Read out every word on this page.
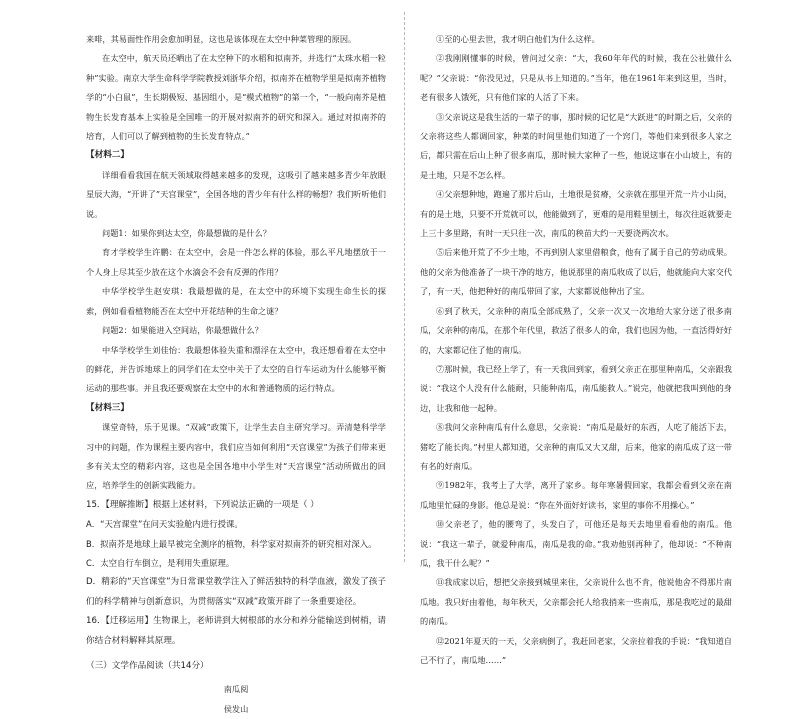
来啡，其易面性作用会愈加明显，这也是该体现在太空中种菜管理的原因。

在太空中，航天员还晒出了在太空种下的水稻和拟南芥，并选行“太珠水稻一粒种”实验。南京大学生命科学学院教授刘浙华介绍，拟南芥在植物学里是拟南芥植物学的“小白鼠”，生长期极短、基因组小，是“模式植物”的第一个，“一般向南芥是植物生长发育基本上实验是全国唯一的开展对拟南芥的研究和深入。通过对拟南芥的培育，人们可以了解到植物的生长发育特点。”

【材料二】

详细看看我国在航天领域取得越来越多的发现，这吸引了越来越多青少年放眼星辰大海，“开讲了”天宫课堂”，全国各地的青少年有什么样的畅想？我们听听他们说。

问题1：如果你到达太空，你最想做的是什么？

育才学校学生许鹏：在太空中，会是一件怎么样的体验，那么平凡地摆放于一个人身上尽其至少放在这个水滴会不会有反弹的作用？

中华学校学生赵安琪：我最想做的是，在太空中的环境下实现生命生长的探索，例如看看植物能否在太空中开花结种的生命之谜？

问题2：如果能进入空间站，你最想做什么？

中华学校学生刘佳怡：我最想体验失重和漂浮在太空中，我还想看着在太空中的鲜花，并告诉地球上的同学们在太空中关于了太空的自行车运动为什么能够平衡运动的那些事。并且我还要观察在太空中的水和普通物质的运行特点。

【材料三】

课堂奇特，乐于见课。“双减”政策下，让学生去自主研究学习。弄清楚科学学习中的问题，作为课程主要内容中，我们应当如何利用“天宫课堂”为孩子们带来更多有关太空的精彩内容，这也是全国各地中小学生对“天宫课堂”活动所做出的回应，培养学生的创新实践能力。

15．【理解推断】根据上述材料，下列说法正确的一项是（ ）

A．“天宫课堂”在问天实验舱内进行授课。

B．拟南芥是地球上最早被完全测序的植物，科学家对拟南芥的研究相对深入。

C．太空自行车倒立，是利用失重原理。

D．精彩的“天宫课堂”为日常课堂教学注入了鲜活独特的科学血液，激发了孩子们的科学精神与创新意识，为贯彻落实“双减”政策开辟了一条重要途径。

16．【迁移运用】生物课上，老师讲到大树根部的水分和养分能输送到树梢，请你结合材料解释其原理。

（三）文学作品阅读（共14分）

南瓜阅

侯发山

①至的心里去世，我才明白他们为什么这样。

②我刚刚懂事的时候，曾问过父亲：“大，我60年年代的时候，我在公社做什么呢？”父亲说：“你没见过，只是从书上知道的。”当年，他在1961年来到这里，当时，老有很多人饿死，只有他们家的人活了下来。

③父亲说这是我生活的一辈子的事，那时候的记忆是“大跃进”的时期之后，父亲的父亲将这些人都调回家，种菜的时间里他们知道了一个窍门，等他们来到很多人家之后，都只需在后山上种了很多南瓜，那时候大家种了一些，他说这事在小山坡上，有的是土地，只是不怎么样。

④父亲想种地，跑遍了那片后山，土地很是贫瘠，父亲就在那里开荒一片小山岗，有的是土地，只要不开荒就可以，他能做到了，更难的是用鞋里刨土，每次往返就要走上三十多里路，有时一天只往一次，南瓜的秧苗大约一天要浇两次水。

⑤后来他开荒了不少土地，不再到别人家里借粮食，他有了属于自己的劳动成果。他的父亲为他准备了一块干净的地方，他说那里的南瓜收成了以后，他就能向大家交代了，有一天，他把种好的南瓜带回了家，大家都说他种出了宝。

⑥到了秋天，父亲种的南瓜全部成熟了，父亲一次又一次地给大家分送了很多南瓜，父亲种的南瓜，在那个年代里，救活了很多人的命，我们也因为他，一直活得好好的，大家都记住了他的南瓜。

⑦那时候，我已经上学了，有一天我回到家，看到父亲正在那里种南瓜，父亲跟我说：“我这个人没有什么能耐，只能种南瓜，南瓜能救人。”说完，他就把我叫到他的身边，让我和他一起种。

⑧我问父亲种南瓜有什么意思，父亲说：“南瓜是最好的东西，人吃了能活下去，猪吃了能长肉。”村里人都知道，父亲种的南瓜又大又甜，后来，他家的南瓜成了这一带有名的好南瓜。

⑨1982年，我考上了大学，离开了家乡。每年寒暑假回家，我都会看到父亲在南瓜地里忙碌的身影。他总是说：“你在外面好好读书，家里的事你不用操心。”

⑩父亲老了，他的腰弯了，头发白了，可他还是每天去地里看看他的南瓜。他说：“我这一辈子，就爱种南瓜，南瓜是我的命。”我劝他别再种了，他却说：“不种南瓜，我干什么呢？”

⑪我成家以后，想把父亲接到城里来住，父亲说什么也不肯，他说他舍不得那片南瓜地。我只好由着他，每年秋天，父亲都会托人给我捎来一些南瓜，那是我吃过的最甜的南瓜。

⑫2021年夏天的一天，父亲病倒了，我赶回老家，父亲拉着我的手说：“我知道自己不行了，南瓜地……”
